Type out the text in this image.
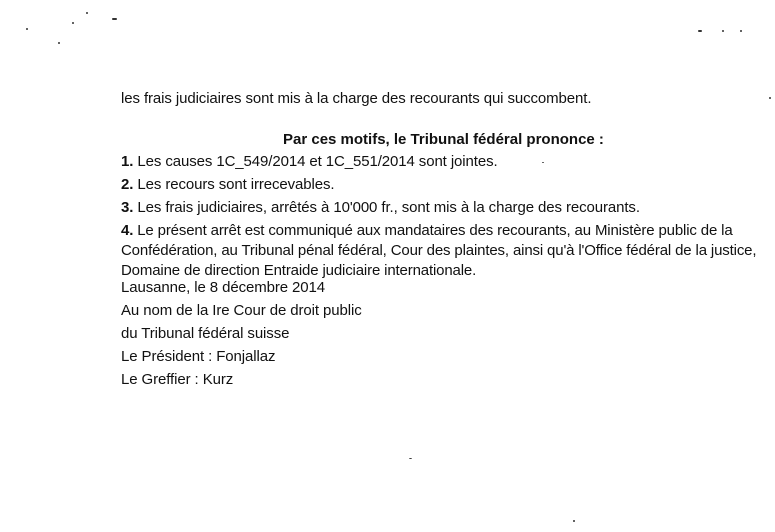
les frais judiciaires sont mis à la charge des recourants qui succombent.
Par ces motifs, le Tribunal fédéral prononce :
1. Les causes 1C_549/2014 et 1C_551/2014 sont jointes.
2. Les recours sont irrecevables.
3. Les frais judiciaires, arrêtés à 10'000 fr., sont mis à la charge des recourants.
4. Le présent arrêt est communiqué aux mandataires des recourants, au Ministère public de la Confédération, au Tribunal pénal fédéral, Cour des plaintes, ainsi qu'à l'Office fédéral de la justice, Domaine de direction Entraide judiciaire internationale.
Lausanne, le 8 décembre 2014
Au nom de la Ire Cour de droit public
du Tribunal fédéral suisse
Le Président : Fonjallaz
Le Greffier : Kurz
